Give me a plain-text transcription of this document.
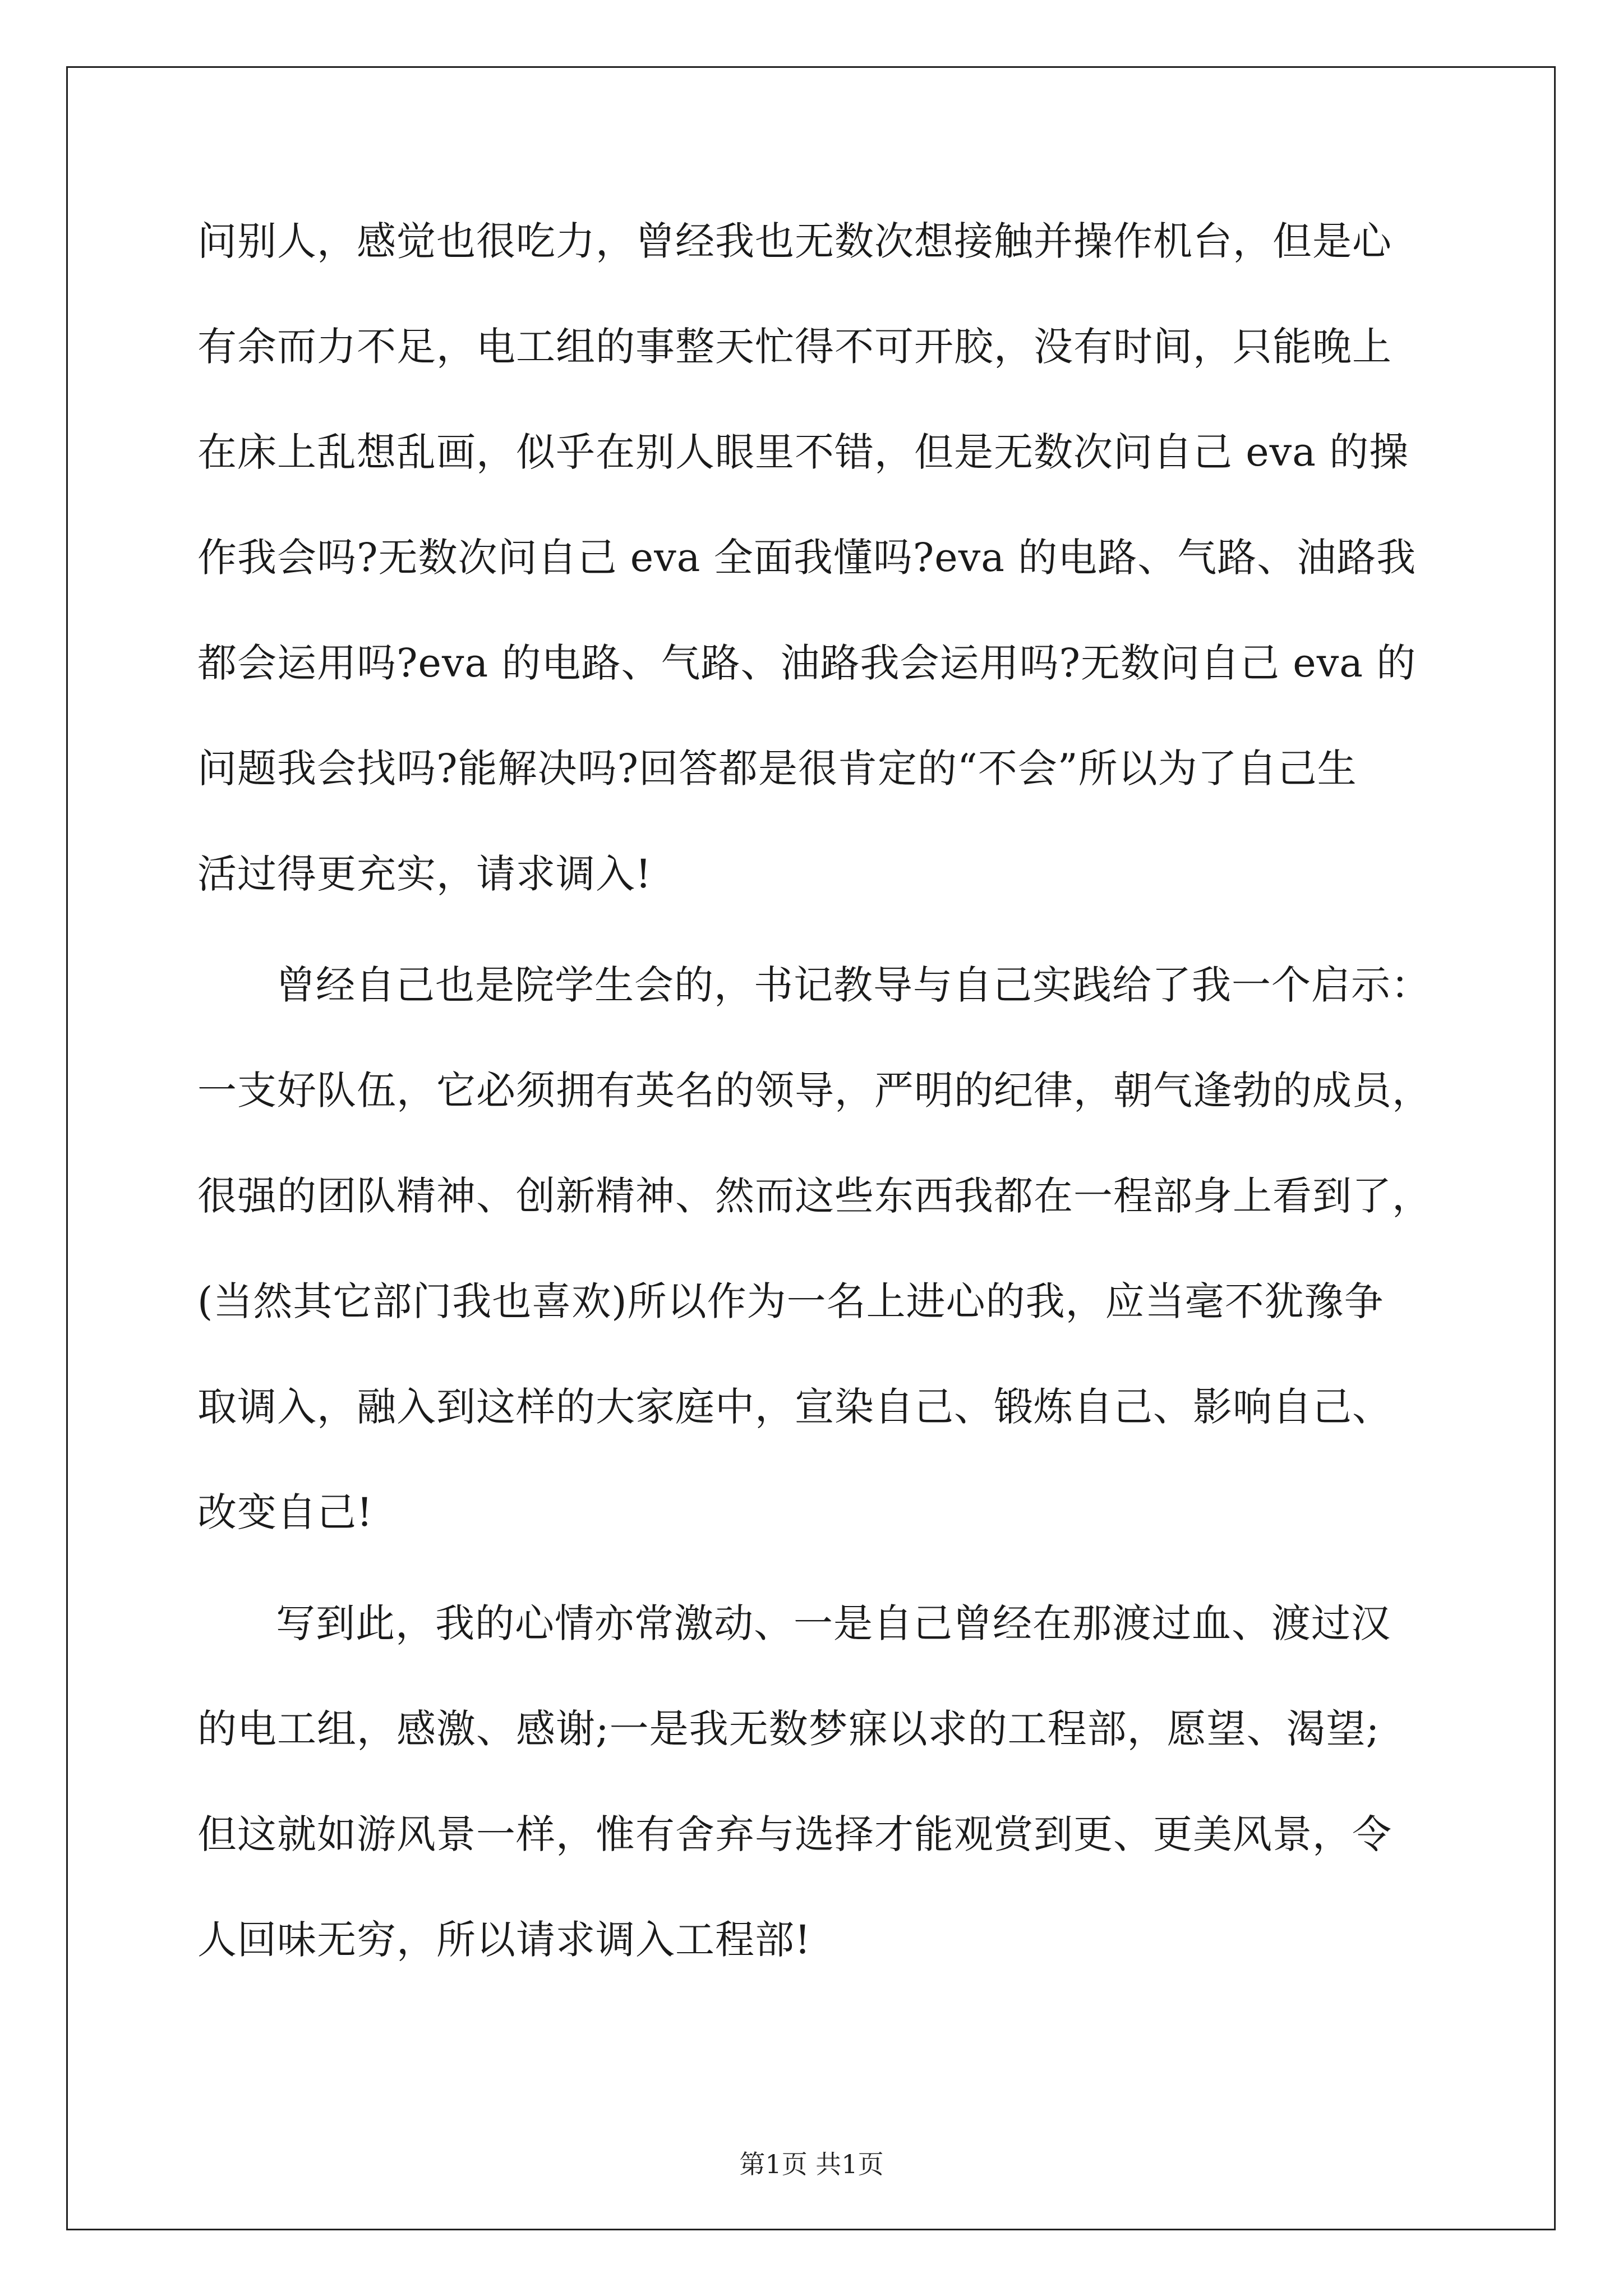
问别人，感觉也很吃力，曾经我也无数次想接触并操作机台，但是心
有余而力不足，电工组的事整天忙得不可开胶，没有时间，只能晚上
在床上乱想乱画，似乎在别人眼里不错，但是无数次问自己 eva 的操
作我会吗?无数次问自己 eva 全面我懂吗?eva 的电路、气路、油路我
都会运用吗?eva 的电路、气路、油路我会运用吗?无数问自己 eva 的
问题我会找吗?能解决吗?回答都是很肯定的“不会”所以为了自己生
活过得更充实，请求调入!
曾经自己也是院学生会的，书记教导与自己实践给了我一个启示：
一支好队伍，它必须拥有英名的领导，严明的纪律，朝气逢勃的成员，
很强的团队精神、创新精神、然而这些东西我都在一程部身上看到了，
(当然其它部门我也喜欢)所以作为一名上进心的我，应当毫不犹豫争
取调入，融入到这样的大家庭中，宣染自己、锻炼自己、影响自己、
改变自己!
写到此，我的心情亦常激动、一是自己曾经在那渡过血、渡过汉
的电工组，感激、感谢;一是我无数梦寐以求的工程部，愿望、渴望;
但这就如游风景一样，惟有舍弃与选择才能观赏到更、更美风景，令
人回味无穷，所以请求调入工程部!
第1页 共1页
